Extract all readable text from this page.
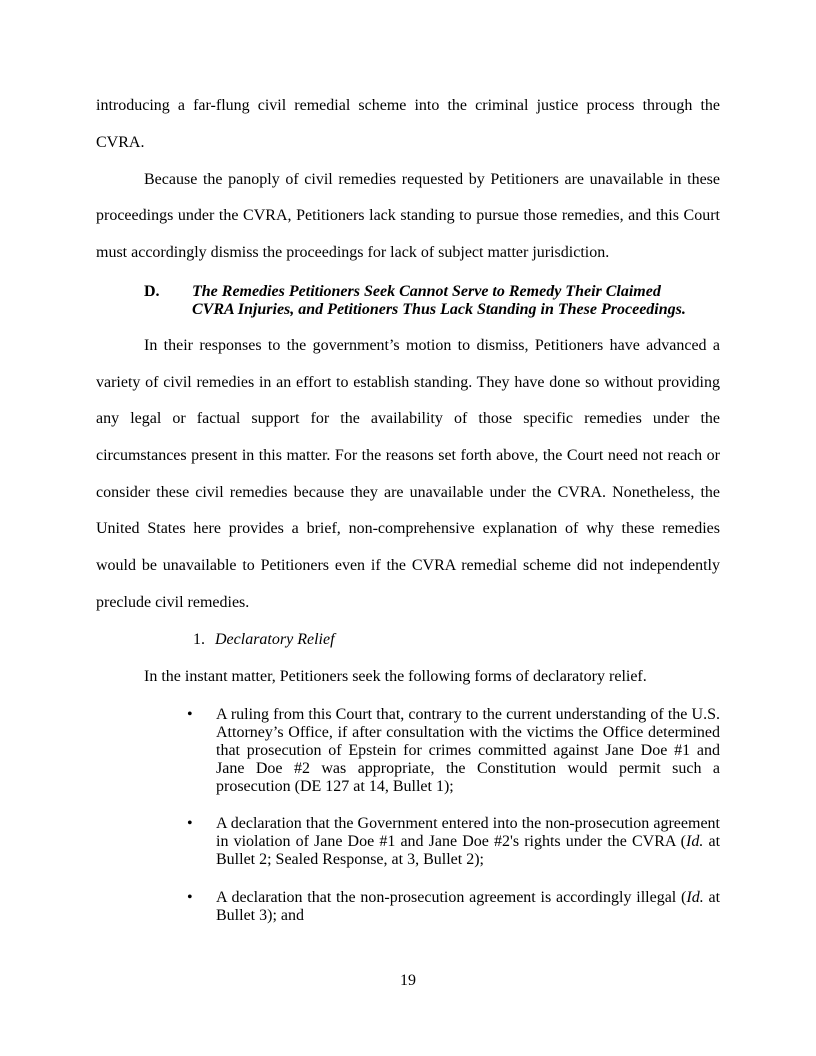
introducing a far-flung civil remedial scheme into the criminal justice process through the
CVRA.
Because the panoply of civil remedies requested by Petitioners are unavailable in these
proceedings under the CVRA, Petitioners lack standing to pursue those remedies, and this Court
must accordingly dismiss the proceedings for lack of subject matter jurisdiction.
D. The Remedies Petitioners Seek Cannot Serve to Remedy Their Claimed
CVRA Injuries, and Petitioners Thus Lack Standing in These Proceedings.
In their responses to the government’s motion to dismiss, Petitioners have advanced a
variety of civil remedies in an effort to establish standing. They have done so without providing
any legal or factual support for the availability of those specific remedies under the
circumstances present in this matter. For the reasons set forth above, the Court need not reach or
consider these civil remedies because they are unavailable under the CVRA. Nonetheless, the
United States here provides a brief, non-comprehensive explanation of why these remedies
would be unavailable to Petitioners even if the CVRA remedial scheme did not independently
preclude civil remedies.
1. Declaratory Relief
In the instant matter, Petitioners seek the following forms of declaratory relief.
• A ruling from this Court that, contrary to the current understanding of the U.S. Attorney’s Office, if after consultation with the victims the Office determined that prosecution of Epstein for crimes committed against Jane Doe #1 and Jane Doe #2 was appropriate, the Constitution would permit such a prosecution (DE 127 at 14, Bullet 1);
• A declaration that the Government entered into the non-prosecution agreement in violation of Jane Doe #1 and Jane Doe #2's rights under the CVRA (Id. at Bullet 2; Sealed Response, at 3, Bullet 2);
• A declaration that the non-prosecution agreement is accordingly illegal (Id. at Bullet 3); and
19
